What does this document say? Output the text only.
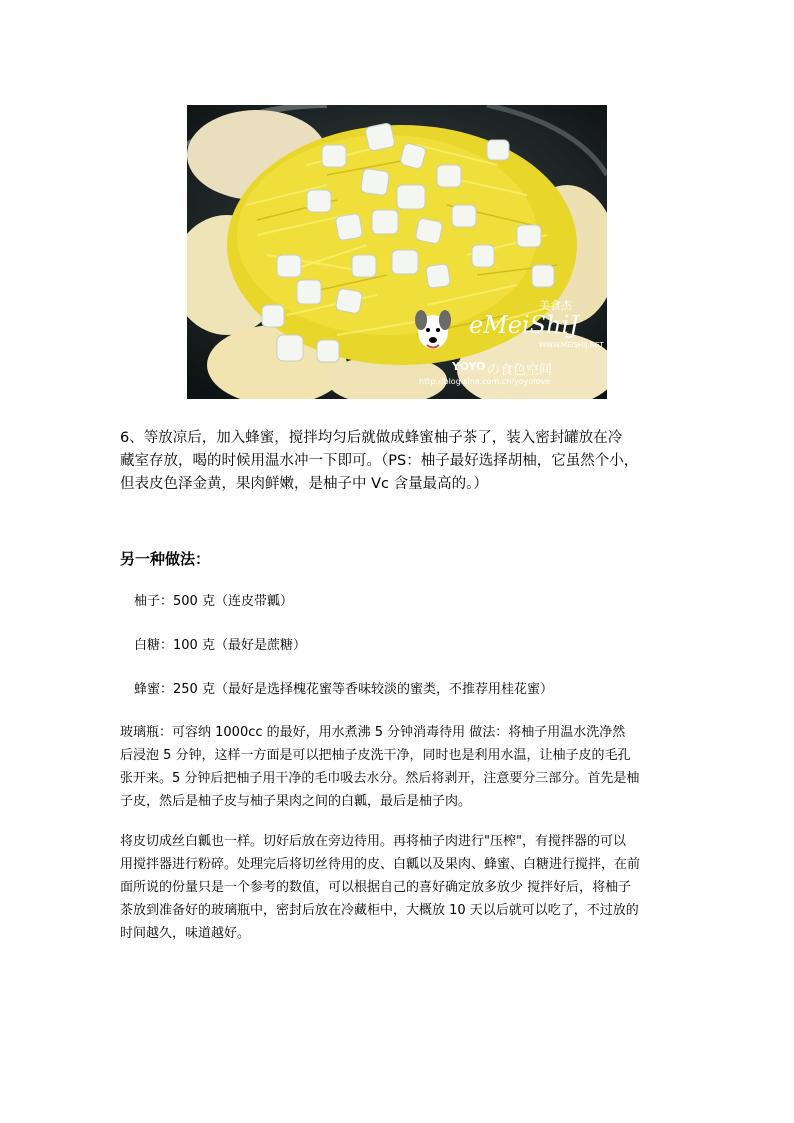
eMeiShiJ
美食杰
WWW.MEISHIJ.NET
YOYO の食色空间
http://blog.sina.com.cn/yoyolove

6、等放凉后，加入蜂蜜，搅拌均匀后就做成蜂蜜柚子茶了，装入密封罐放在冷
藏室存放，喝的时候用温水冲一下即可。（PS：柚子最好选择胡柚，它虽然个小，
但表皮色泽金黄，果肉鲜嫩，是柚子中 Vc 含量最高的。）

另一种做法：

柚子：500 克（连皮带瓤）

白糖：100 克（最好是蔗糖）

蜂蜜：250 克（最好是选择槐花蜜等香味较淡的蜜类，不推荐用桂花蜜）

玻璃瓶：可容纳 1000cc 的最好，用水煮沸 5 分钟消毒待用 做法：将柚子用温水洗净然
后浸泡 5 分钟，这样一方面是可以把柚子皮洗干净，同时也是利用水温，让柚子皮的毛孔
张开来。5 分钟后把柚子用干净的毛巾吸去水分。然后将剥开，注意要分三部分。首先是柚
子皮，然后是柚子皮与柚子果肉之间的白瓤，最后是柚子肉。

将皮切成丝白瓤也一样。切好后放在旁边待用。再将柚子肉进行"压榨"，有搅拌器的可以
用搅拌器进行粉碎。处理完后将切丝待用的皮、白瓤以及果肉、蜂蜜、白糖进行搅拌，在前
面所说的份量只是一个参考的数值，可以根据自己的喜好确定放多放少 搅拌好后，将柚子
茶放到准备好的玻璃瓶中，密封后放在冷藏柜中，大概放 10 天以后就可以吃了，不过放的
时间越久，味道越好。
